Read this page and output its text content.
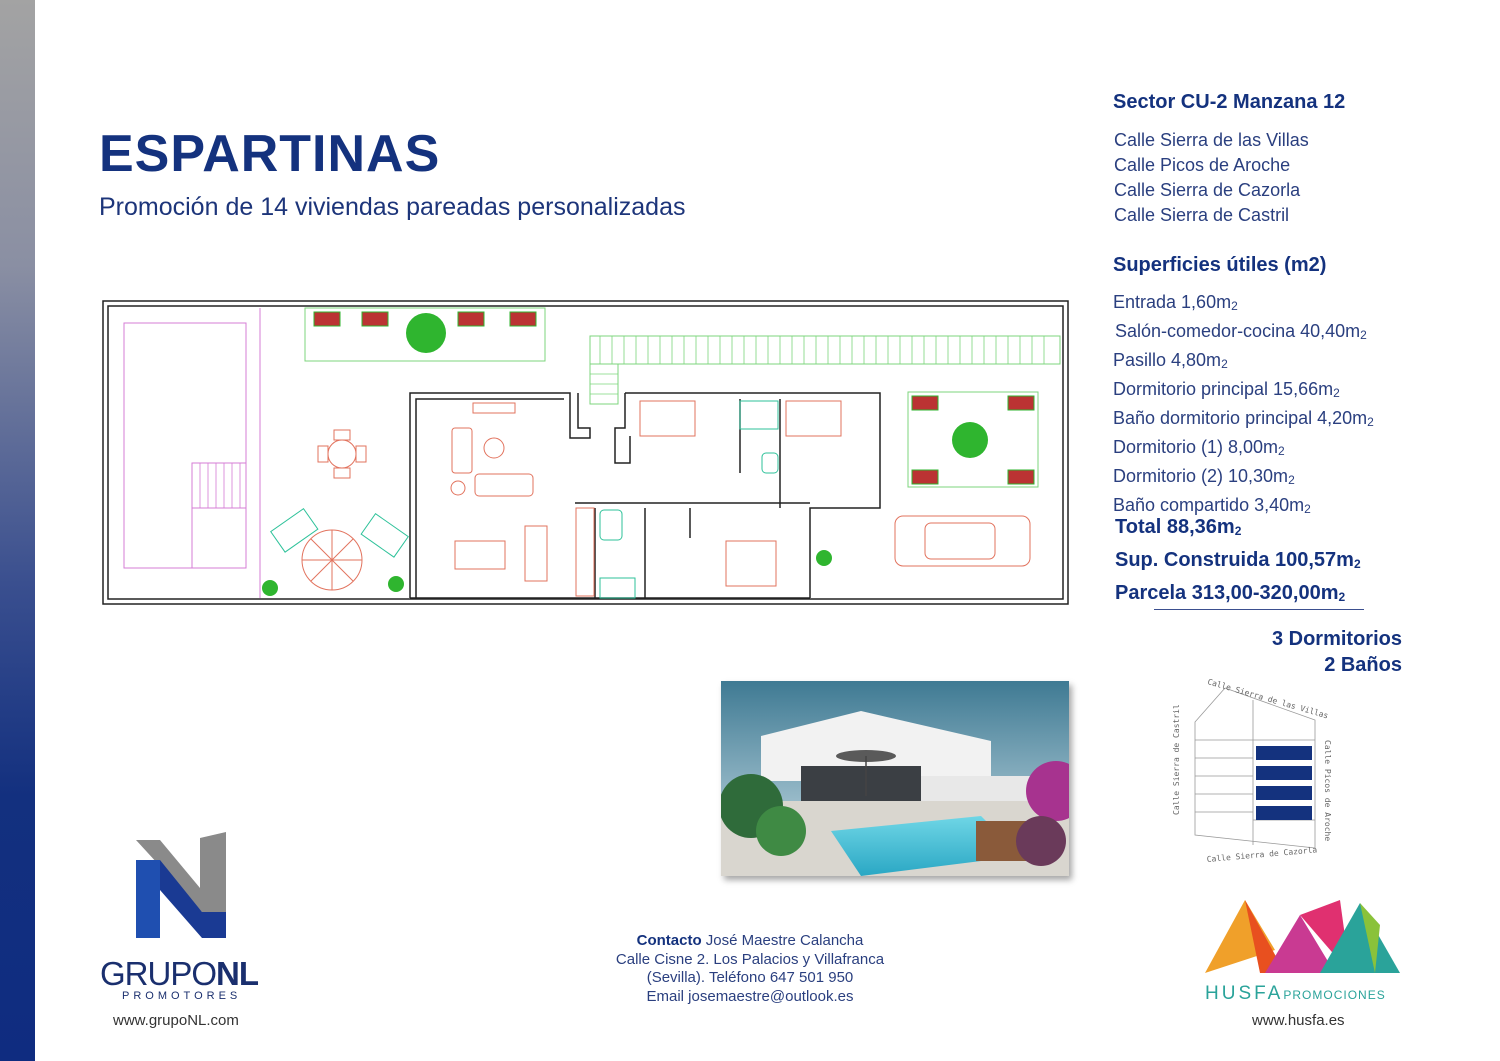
ESPARTINAS
Promoción de 14 viviendas pareadas personalizadas
Sector CU-2 Manzana 12
Calle Sierra de las Villas
Calle Picos de Aroche
Calle Sierra de Cazorla
Calle Sierra de Castril
Superficies útiles (m2)
Entrada $1,60m_2$
Salón-comedor-cocina $40,40m_2$
Pasillo $4,80m_2$
Dormitorio principal $15,66m_2$
Baño dormitorio principal $4,20m_2$
Dormitorio (1) $8,00m_2$
Dormitorio (2) $10,30m_2$
Baño compartido $3,40m_2$
Total $88,36m_2$
Sup. Construida $100,57m_2$
Parcela $313,00-320,00m_2$
3 Dormitorios
2 Baños
Calle Sierra de las Villas
Calle Sierra de Cazorla
Calle Sierra de Castril	Calle Picos de Aroche
GRUPONL
PROMOTORES
www.grupoNL.com
Contacto José Maestre Calancha
Calle Cisne 2. Los Palacios y Villafranca
(Sevilla). Teléfono 647 501 950
Email josemaestre@outlook.es	HUSFAPROMOCIONES
www.husfa.es
